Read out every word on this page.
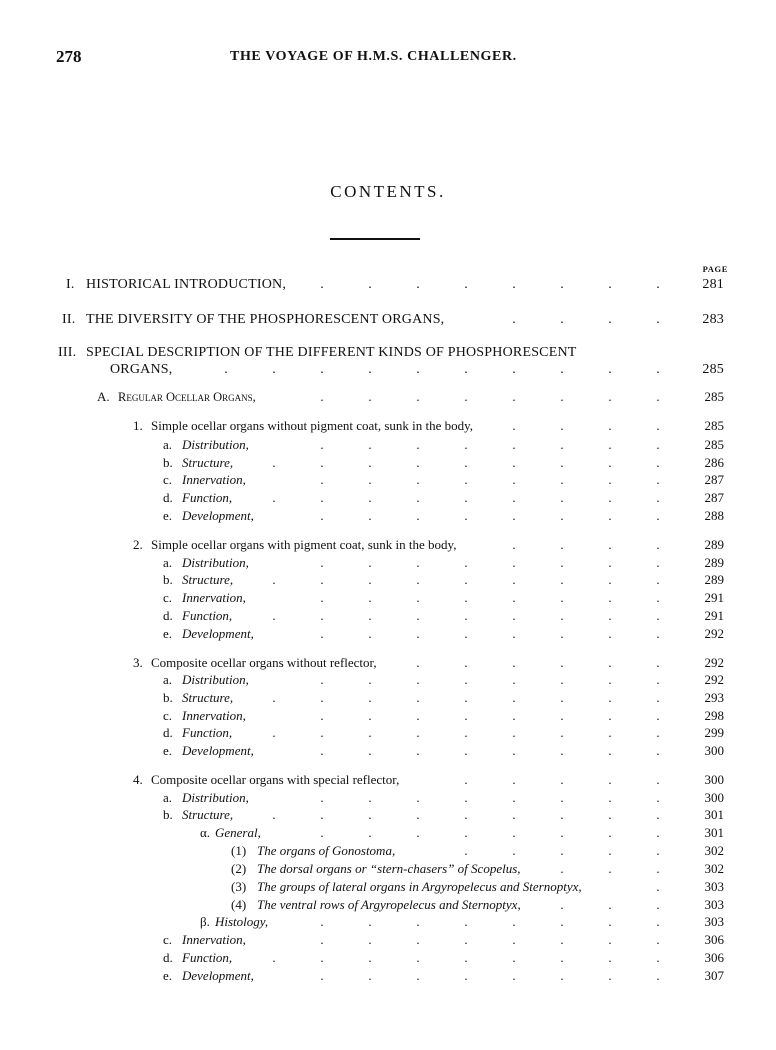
278	THE VOYAGE OF H.M.S. CHALLENGER.
CONTENTS.
PAGE
I. HISTORICAL INTRODUCTION,	.	.	.	.	.	.	.	.	281
II. THE DIVERSITY OF THE PHOSPHORESCENT ORGANS,	.	.	.	.	283
III. SPECIAL DESCRIPTION OF THE DIFFERENT KINDS OF PHOSPHORESCENT
ORGANS,	.	.	.	.	.	.	.	.	.	.	285
A. Regular Ocellar Organs,	.	.	.	.	.	.	.	.	285
1. Simple ocellar organs without pigment coat, sunk in the body,	.	.	.	.	285
a. Distribution,	.	.	.	.	.	.	.	.	285
b. Structure,	.	.	.	.	.	.	.	.	.	286
c. Innervation,	.	.	.	.	.	.	.	.	287
d. Function,	.	.	.	.	.	.	.	.	.	287
e. Development,	.	.	.	.	.	.	.	.	288
2. Simple ocellar organs with pigment coat, sunk in the body,	.	.	.	.	289
a. Distribution,	.	.	.	.	.	.	.	.	289
b. Structure,	.	.	.	.	.	.	.	.	.	289
c. Innervation,	.	.	.	.	.	.	.	.	291
d. Function,	.	.	.	.	.	.	.	.	.	291
e. Development,	.	.	.	.	.	.	.	.	292
3. Composite ocellar organs without reflector,	.	.	.	.	.	.	292
a. Distribution,	.	.	.	.	.	.	.	.	292
b. Structure,	.	.	.	.	.	.	.	.	.	293
c. Innervation,	.	.	.	.	.	.	.	.	298
d. Function,	.	.	.	.	.	.	.	.	.	299
e. Development,	.	.	.	.	.	.	.	.	300
4. Composite ocellar organs with special reflector,	.	.	.	.	.	300
a. Distribution,	.	.	.	.	.	.	.	.	300
b. Structure,	.	.	.	.	.	.	.	.	.	301
α. General,	.	.	.	.	.	.	.	.	301
(1) The organs of Gonostoma,	.	.	.	.	.	302
(2) The dorsal organs or “stern-chasers” of Scopelus,	.	.	.	302
(3) The groups of lateral organs in Argyropelecus and Sternoptyx,	.	303
(4) The ventral rows of Argyropelecus and Sternoptyx,	.	.	.	303
β. Histology,	.	.	.	.	.	.	.	.	303
c. Innervation,	.	.	.	.	.	.	.	.	306
d. Function,	.	.	.	.	.	.	.	.	.	306
e. Development,	.	.	.	.	.	.	.	.	307
